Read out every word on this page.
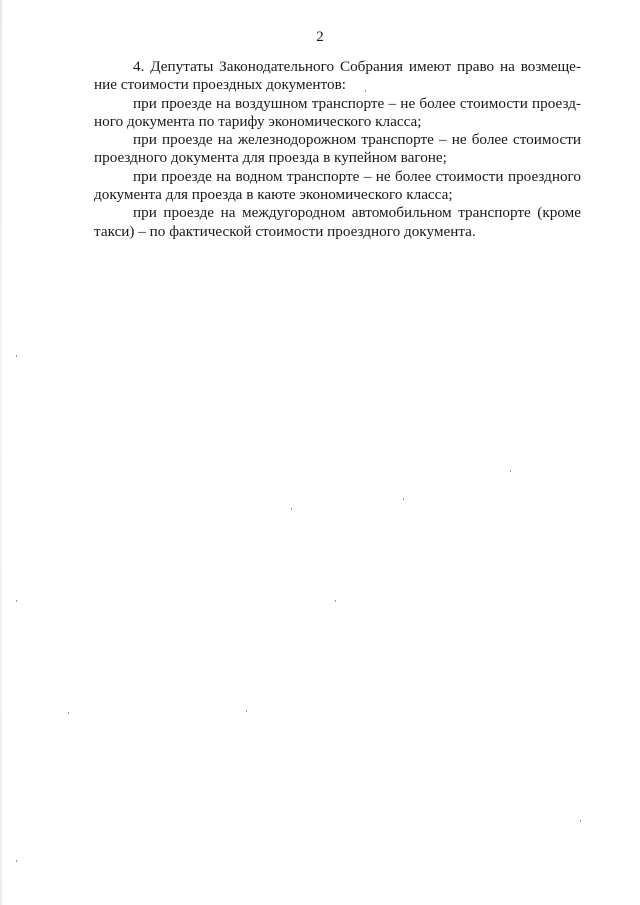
2

4. Депутаты Законодательного Собрания имеют право на возмещение стоимости проездных документов:

при проезде на воздушном транспорте – не более стоимости проездного документа по тарифу экономического класса;

при проезде на железнодорожном транспорте – не более стоимости проездного документа для проезда в купейном вагоне;

при проезде на водном транспорте – не более стоимости проездного документа для проезда в каюте экономического класса;

при проезде на междугородном автомобильном транспорте (кроме такси) – по фактической стоимости проездного документа.
